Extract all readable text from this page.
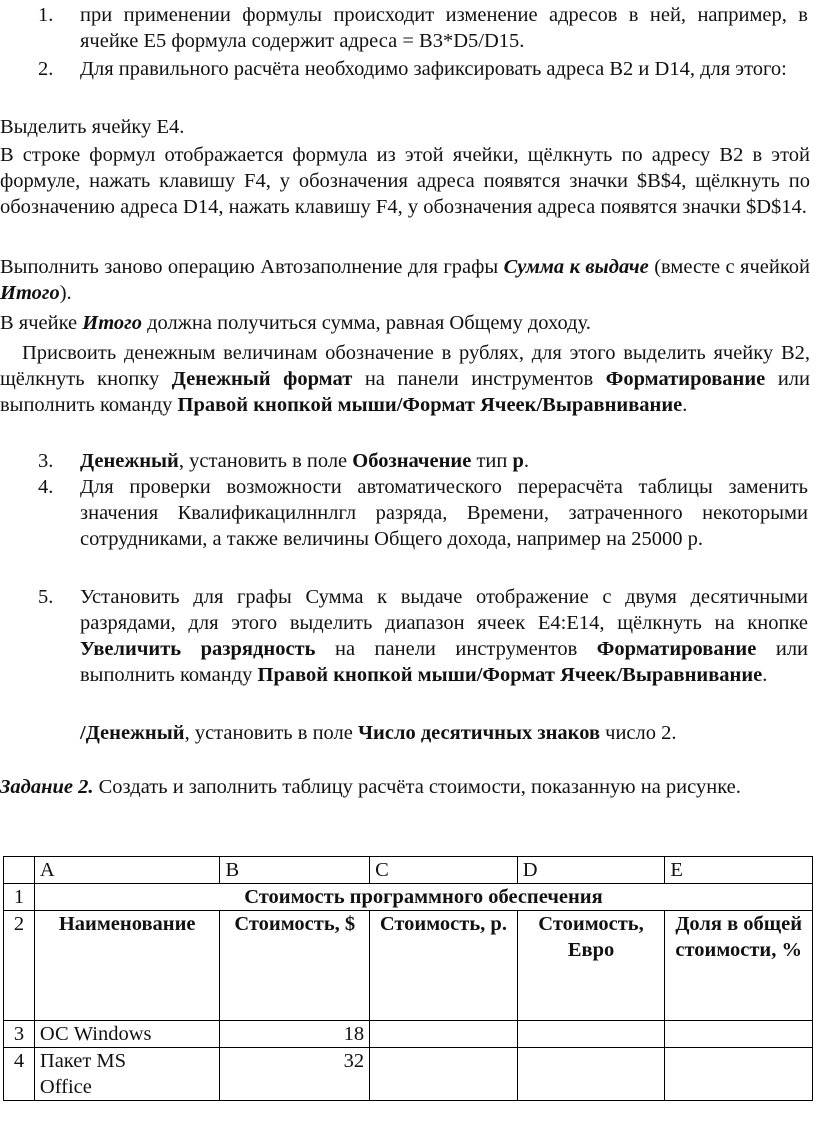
1. при применении формулы происходит изменение адресов в ней, например, в ячейке Е5 формула содержит адреса = B3*D5/D15.

2. Для правильного расчёта необходимо зафиксировать адреса B2 и D14, для этого:

Выделить ячейку Е4.

В строке формул отображается формула из этой ячейки, щёлкнуть по адресу B2 в этой формуле, нажать клавишу F4, у обозначения адреса появятся значки $B$4, щёлкнуть по обозначению адреса D14, нажать клавишу F4, у обозначения адреса появятся значки $D$14.

Выполнить заново операцию Автозаполнение для графы Сумма к выдаче (вместе с ячейкой Итого).

В ячейке Итого должна получиться сумма, равная Общему доходу.

Присвоить денежным величинам обозначение в рублях, для этого выделить ячейку В2, щёлкнуть кнопку Денежный формат на панели инструментов Форматирование или выполнить команду Правой кнопкой мыши/Формат Ячеек/Выравнивание.

3. Денежный, установить в поле Обозначение тип р.

4. Для проверки возможности автоматического перерасчёта таблицы заменить значения Квалификацилннлгл разряда, Времени, затраченного некоторыми сотрудниками, а также величины Общего дохода, например на 25000 р.

5. Установить для графы Сумма к выдаче отображение с двумя десятичными разрядами, для этого выделить диапазон ячеек Е4:Е14, щёлкнуть на кнопке Увеличить разрядность на панели инструментов Форматирование или выполнить команду Правой кнопкой мыши/Формат Ячеек/Выравнивание.

/Денежный, установить в поле Число десятичных знаков число 2.

Задание 2. Создать и заполнить таблицу расчёта стоимости, показанную на рисунке.

	A	B	C	D	E
1	Стоимость программного обеспечения				
2	Наименование	Стоимость, $	Стоимость, р.	Стоимость, Евро	Доля в общей стоимости, %
3	ОС Windows	18			
4	Пакет MS Office	32			
